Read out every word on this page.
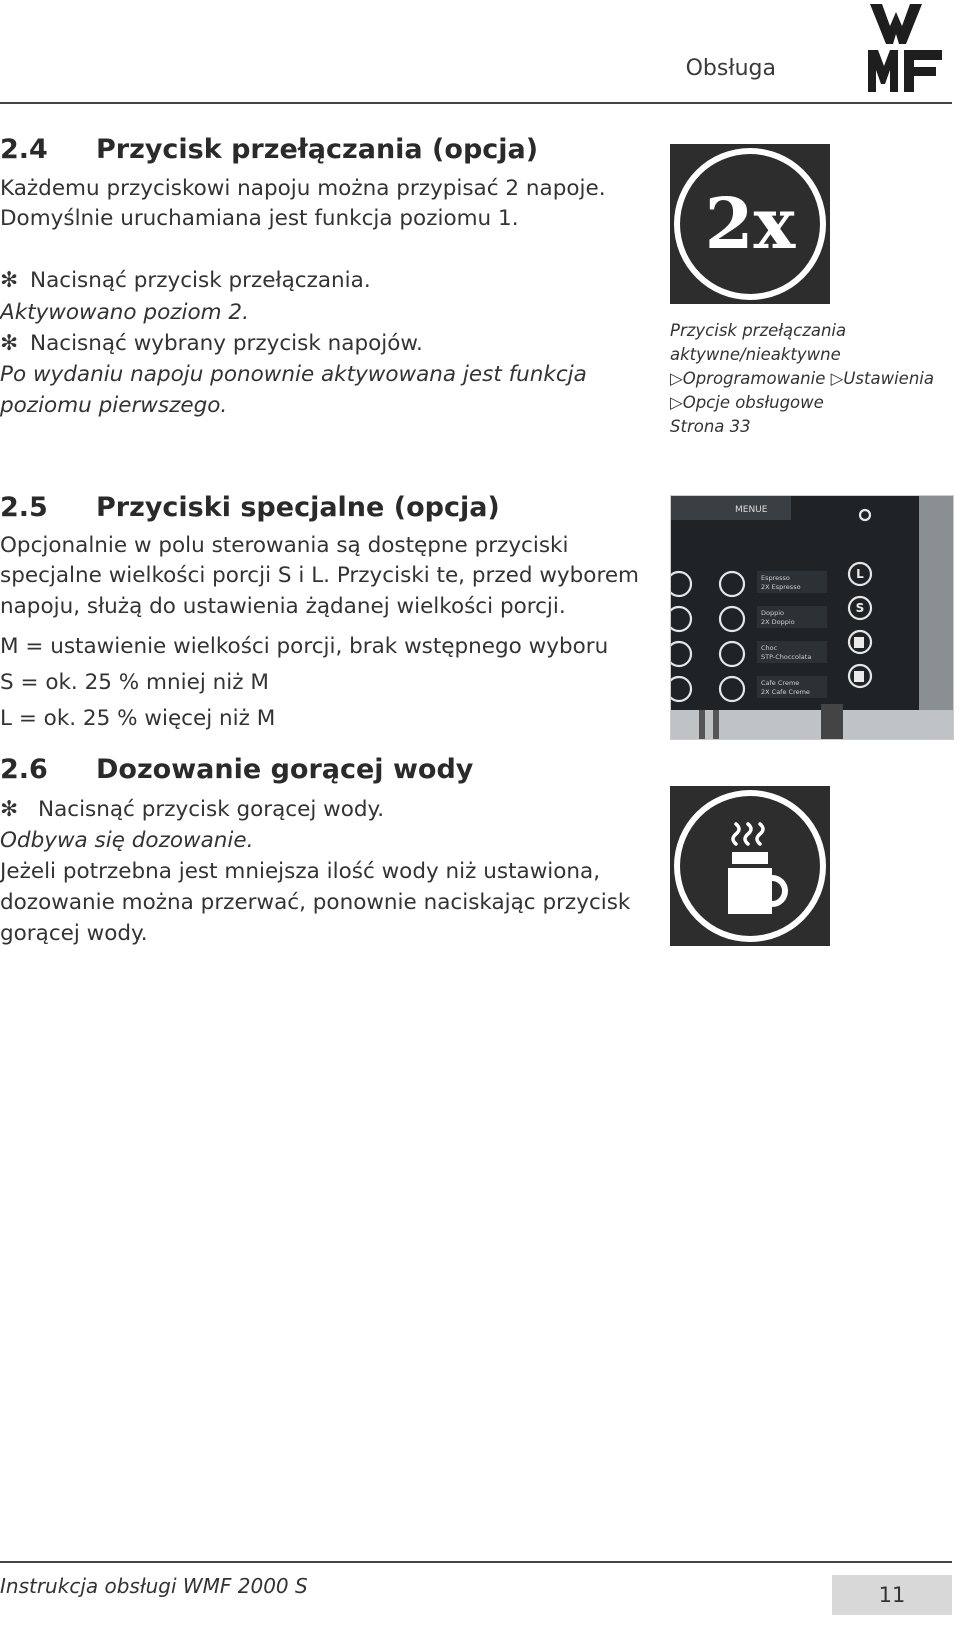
Obsługa
2.4 Przycisk przełączania (opcja)
Każdemu przyciskowi napoju można przypisać 2 napoje.
Domyślnie uruchamiana jest funkcja poziomu 1.
✻ Nacisnąć przycisk przełączania.
Aktywowano poziom 2.
✻ Nacisnąć wybrany przycisk napojów.
Po wydaniu napoju ponownie aktywowana jest funkcja
poziomu pierwszego.
2x
Przycisk przełączania
aktywne/nieaktywne
▷Oprogramowanie ▷Ustawienia
▷Opcje obsługowe
Strona 33
2.5 Przyciski specjalne (opcja)
Opcjonalnie w polu sterowania są dostępne przyciski
specjalne wielkości porcji S i L. Przyciski te, przed wyborem
napoju, służą do ustawienia żądanej wielkości porcji.
M = ustawienie wielkości porcji, brak wstępnego wyboru
S = ok. 25 % mniej niż M
L = ok. 25 % więcej niż M
MENUE
Espresso
2X Espresso
Doppio
2X Doppio
Choc
STP-Choccolata
Cafe Creme
2X Cafe Creme
L
S
2.6 Dozowanie gorącej wody
✻ Nacisnąć przycisk gorącej wody.
Odbywa się dozowanie.
Jeżeli potrzebna jest mniejsza ilość wody niż ustawiona,
dozowanie można przerwać, ponownie naciskając przycisk
gorącej wody.
Instrukcja obsługi WMF 2000 S	11
